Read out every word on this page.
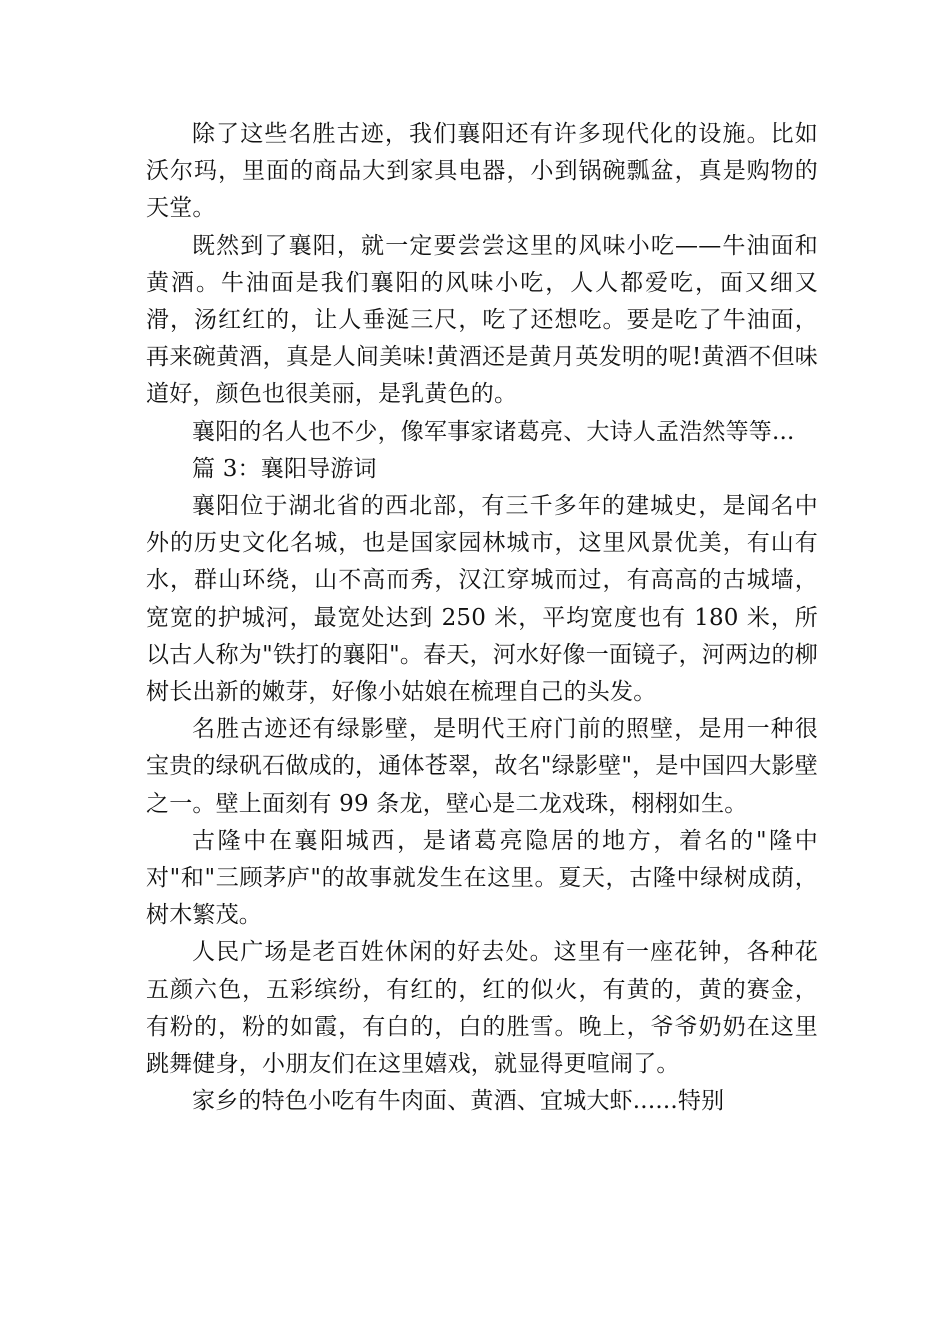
除了这些名胜古迹，我们襄阳还有许多现代化的设施。比如沃尔玛，里面的商品大到家具电器，小到锅碗瓢盆，真是购物的天堂。

既然到了襄阳，就一定要尝尝这里的风味小吃——牛油面和黄酒。牛油面是我们襄阳的风味小吃，人人都爱吃，面又细又滑，汤红红的，让人垂涎三尺，吃了还想吃。要是吃了牛油面，再来碗黄酒，真是人间美味!黄酒还是黄月英发明的呢!黄酒不但味道好，颜色也很美丽，是乳黄色的。

襄阳的名人也不少，像军事家诸葛亮、大诗人孟浩然等等...

篇 3：襄阳导游词

襄阳位于湖北省的西北部，有三千多年的建城史，是闻名中外的历史文化名城，也是国家园林城市，这里风景优美，有山有水，群山环绕，山不高而秀，汉江穿城而过，有高高的古城墙，宽宽的护城河，最宽处达到 250 米，平均宽度也有 180 米，所以古人称为"铁打的襄阳"。春天，河水好像一面镜子，河两边的柳树长出新的嫩芽，好像小姑娘在梳理自己的头发。

名胜古迹还有绿影壁，是明代王府门前的照壁，是用一种很宝贵的绿矾石做成的，通体苍翠，故名"绿影壁"，是中国四大影壁之一。壁上面刻有 99 条龙，壁心是二龙戏珠，栩栩如生。

古隆中在襄阳城西，是诸葛亮隐居的地方，着名的"隆中对"和"三顾茅庐"的故事就发生在这里。夏天，古隆中绿树成荫，树木繁茂。

人民广场是老百姓休闲的好去处。这里有一座花钟，各种花五颜六色，五彩缤纷，有红的，红的似火，有黄的，黄的赛金，有粉的，粉的如霞，有白的，白的胜雪。晚上，爷爷奶奶在这里跳舞健身，小朋友们在这里嬉戏，就显得更喧闹了。

家乡的特色小吃有牛肉面、黄酒、宜城大虾......特别
